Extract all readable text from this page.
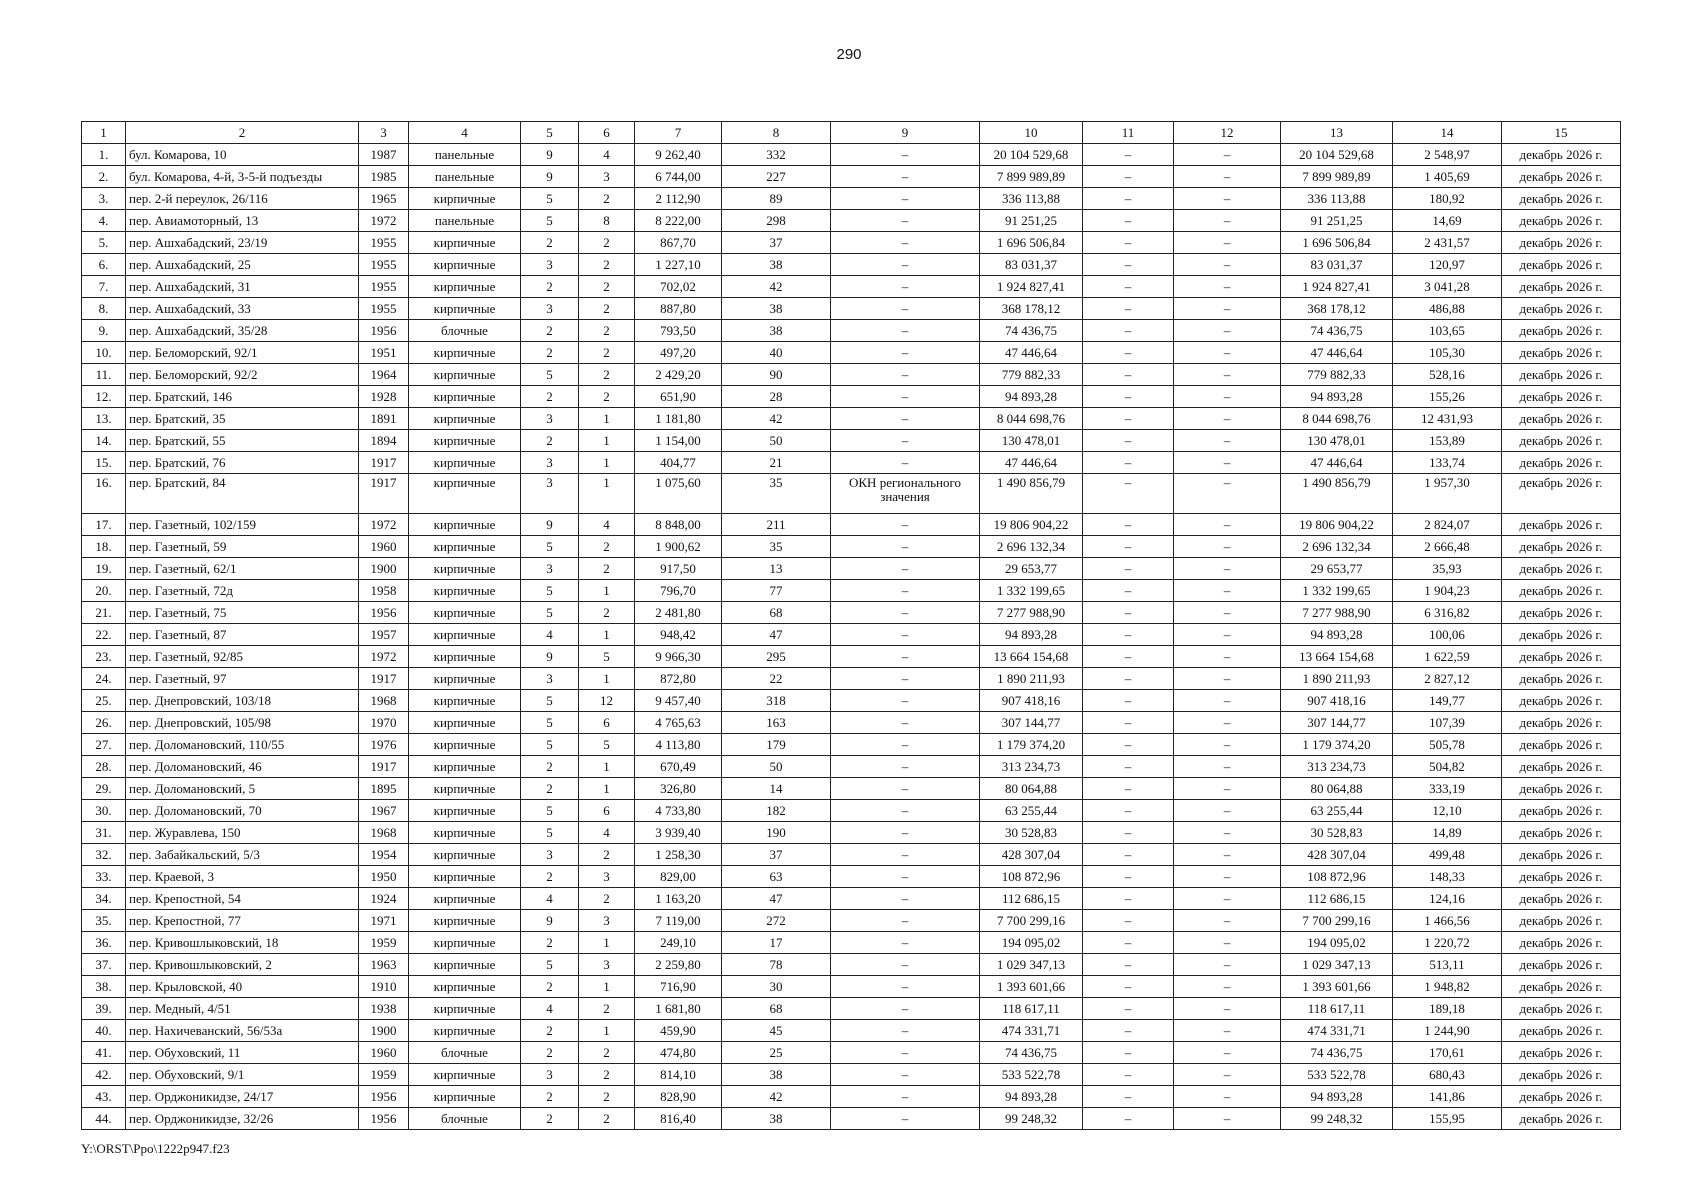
290
1	2	3	4	5	6	7	8	9	10	11	12	13	14	15
1.	бул. Комарова, 10	1987	панельные	9	4	9 262,40	332	–	20 104 529,68	–	–	20 104 529,68	2 548,97	декабрь 2026 г.
2.	бул. Комарова, 4-й, 3-5-й подъезды	1985	панельные	9	3	6 744,00	227	–	7 899 989,89	–	–	7 899 989,89	1 405,69	декабрь 2026 г.
3.	пер. 2-й переулок, 26/116	1965	кирпичные	5	2	2 112,90	89	–	336 113,88	–	–	336 113,88	180,92	декабрь 2026 г.
4.	пер. Авиамоторный, 13	1972	панельные	5	8	8 222,00	298	–	91 251,25	–	–	91 251,25	14,69	декабрь 2026 г.
5.	пер. Ашхабадский, 23/19	1955	кирпичные	2	2	867,70	37	–	1 696 506,84	–	–	1 696 506,84	2 431,57	декабрь 2026 г.
6.	пер. Ашхабадский, 25	1955	кирпичные	3	2	1 227,10	38	–	83 031,37	–	–	83 031,37	120,97	декабрь 2026 г.
7.	пер. Ашхабадский, 31	1955	кирпичные	2	2	702,02	42	–	1 924 827,41	–	–	1 924 827,41	3 041,28	декабрь 2026 г.
8.	пер. Ашхабадский, 33	1955	кирпичные	3	2	887,80	38	–	368 178,12	–	–	368 178,12	486,88	декабрь 2026 г.
9.	пер. Ашхабадский, 35/28	1956	блочные	2	2	793,50	38	–	74 436,75	–	–	74 436,75	103,65	декабрь 2026 г.
10.	пер. Беломорский, 92/1	1951	кирпичные	2	2	497,20	40	–	47 446,64	–	–	47 446,64	105,30	декабрь 2026 г.
11.	пер. Беломорский, 92/2	1964	кирпичные	5	2	2 429,20	90	–	779 882,33	–	–	779 882,33	528,16	декабрь 2026 г.
12.	пер. Братский, 146	1928	кирпичные	2	2	651,90	28	–	94 893,28	–	–	94 893,28	155,26	декабрь 2026 г.
13.	пер. Братский, 35	1891	кирпичные	3	1	1 181,80	42	–	8 044 698,76	–	–	8 044 698,76	12 431,93	декабрь 2026 г.
14.	пер. Братский, 55	1894	кирпичные	2	1	1 154,00	50	–	130 478,01	–	–	130 478,01	153,89	декабрь 2026 г.
15.	пер. Братский, 76	1917	кирпичные	3	1	404,77	21	–	47 446,64	–	–	47 446,64	133,74	декабрь 2026 г.
16.	пер. Братский, 84	1917	кирпичные	3	1	1 075,60	35	ОКН регионального значения	1 490 856,79	–	–	1 490 856,79	1 957,30	декабрь 2026 г.
17.	пер. Газетный, 102/159	1972	кирпичные	9	4	8 848,00	211	–	19 806 904,22	–	–	19 806 904,22	2 824,07	декабрь 2026 г.
18.	пер. Газетный, 59	1960	кирпичные	5	2	1 900,62	35	–	2 696 132,34	–	–	2 696 132,34	2 666,48	декабрь 2026 г.
19.	пер. Газетный, 62/1	1900	кирпичные	3	2	917,50	13	–	29 653,77	–	–	29 653,77	35,93	декабрь 2026 г.
20.	пер. Газетный, 72д	1958	кирпичные	5	1	796,70	77	–	1 332 199,65	–	–	1 332 199,65	1 904,23	декабрь 2026 г.
21.	пер. Газетный, 75	1956	кирпичные	5	2	2 481,80	68	–	7 277 988,90	–	–	7 277 988,90	6 316,82	декабрь 2026 г.
22.	пер. Газетный, 87	1957	кирпичные	4	1	948,42	47	–	94 893,28	–	–	94 893,28	100,06	декабрь 2026 г.
23.	пер. Газетный, 92/85	1972	кирпичные	9	5	9 966,30	295	–	13 664 154,68	–	–	13 664 154,68	1 622,59	декабрь 2026 г.
24.	пер. Газетный, 97	1917	кирпичные	3	1	872,80	22	–	1 890 211,93	–	–	1 890 211,93	2 827,12	декабрь 2026 г.
25.	пер. Днепровский, 103/18	1968	кирпичные	5	12	9 457,40	318	–	907 418,16	–	–	907 418,16	149,77	декабрь 2026 г.
26.	пер. Днепровский, 105/98	1970	кирпичные	5	6	4 765,63	163	–	307 144,77	–	–	307 144,77	107,39	декабрь 2026 г.
27.	пер. Доломановский, 110/55	1976	кирпичные	5	5	4 113,80	179	–	1 179 374,20	–	–	1 179 374,20	505,78	декабрь 2026 г.
28.	пер. Доломановский, 46	1917	кирпичные	2	1	670,49	50	–	313 234,73	–	–	313 234,73	504,82	декабрь 2026 г.
29.	пер. Доломановский, 5	1895	кирпичные	2	1	326,80	14	–	80 064,88	–	–	80 064,88	333,19	декабрь 2026 г.
30.	пер. Доломановский, 70	1967	кирпичные	5	6	4 733,80	182	–	63 255,44	–	–	63 255,44	12,10	декабрь 2026 г.
31.	пер. Журавлева, 150	1968	кирпичные	5	4	3 939,40	190	–	30 528,83	–	–	30 528,83	14,89	декабрь 2026 г.
32.	пер. Забайкальский, 5/3	1954	кирпичные	3	2	1 258,30	37	–	428 307,04	–	–	428 307,04	499,48	декабрь 2026 г.
33.	пер. Краевой, 3	1950	кирпичные	2	3	829,00	63	–	108 872,96	–	–	108 872,96	148,33	декабрь 2026 г.
34.	пер. Крепостной, 54	1924	кирпичные	4	2	1 163,20	47	–	112 686,15	–	–	112 686,15	124,16	декабрь 2026 г.
35.	пер. Крепостной, 77	1971	кирпичные	9	3	7 119,00	272	–	7 700 299,16	–	–	7 700 299,16	1 466,56	декабрь 2026 г.
36.	пер. Кривошлыковский, 18	1959	кирпичные	2	1	249,10	17	–	194 095,02	–	–	194 095,02	1 220,72	декабрь 2026 г.
37.	пер. Кривошлыковский, 2	1963	кирпичные	5	3	2 259,80	78	–	1 029 347,13	–	–	1 029 347,13	513,11	декабрь 2026 г.
38.	пер. Крыловской, 40	1910	кирпичные	2	1	716,90	30	–	1 393 601,66	–	–	1 393 601,66	1 948,82	декабрь 2026 г.
39.	пер. Медный, 4/51	1938	кирпичные	4	2	1 681,80	68	–	118 617,11	–	–	118 617,11	189,18	декабрь 2026 г.
40.	пер. Нахичеванский, 56/53а	1900	кирпичные	2	1	459,90	45	–	474 331,71	–	–	474 331,71	1 244,90	декабрь 2026 г.
41.	пер. Обуховский, 11	1960	блочные	2	2	474,80	25	–	74 436,75	–	–	74 436,75	170,61	декабрь 2026 г.
42.	пер. Обуховский, 9/1	1959	кирпичные	3	2	814,10	38	–	533 522,78	–	–	533 522,78	680,43	декабрь 2026 г.
43.	пер. Орджоникидзе, 24/17	1956	кирпичные	2	2	828,90	42	–	94 893,28	–	–	94 893,28	141,86	декабрь 2026 г.
44.	пер. Орджоникидзе, 32/26	1956	блочные	2	2	816,40	38	–	99 248,32	–	–	99 248,32	155,95	декабрь 2026 г.
Y:\ORST\Ppo\1222p947.f23
